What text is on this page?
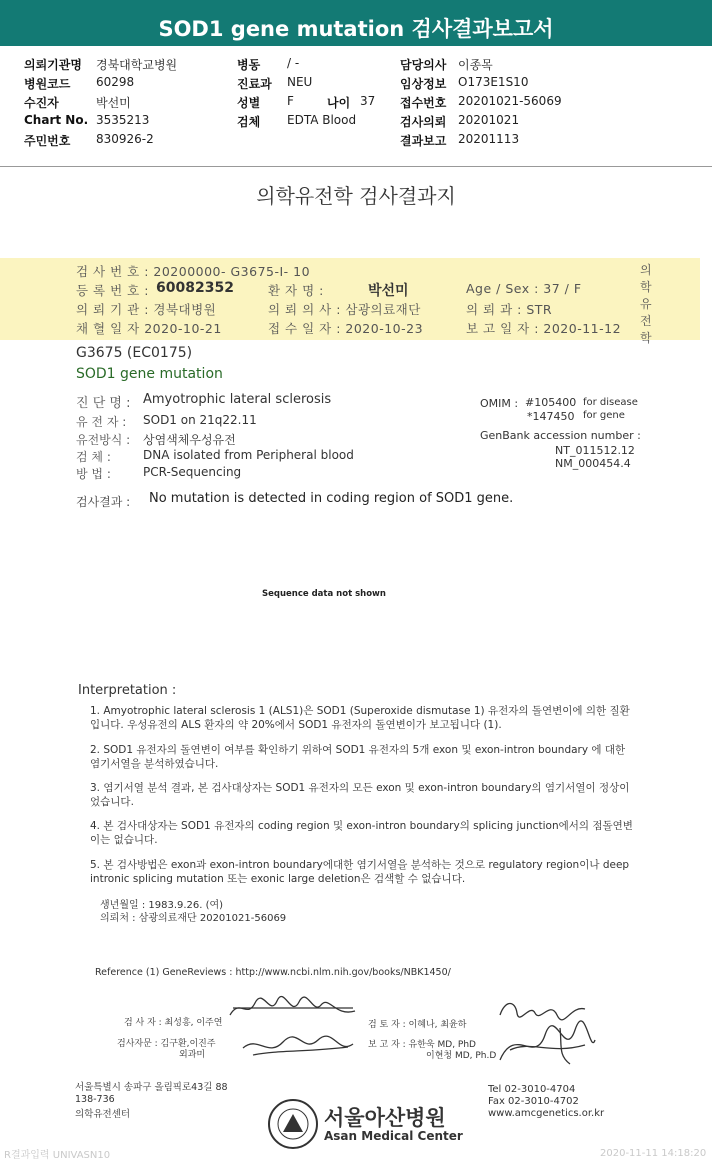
SOD1 gene mutation 검사결과보고서
의뢰기관명 경북대학교병원
병원코드 60298
수진자	박선미
Chart No. 3535213
주민번호 830926-2
병동 / -
진료과 NEU
성별 F	나이 37
검체 EDTA Blood
담당의사 이종목
임상정보 O173E1S10
접수번호 20201021-56069
검사의뢰 20201021
결과보고 20201113
의학유전학 검사결과지
의학유전학
검 사 번 호 : 20200000- G3675-I- 10
등 록 번 호 : 60082352	환 자 명 :	박선미	Age / Sex : 37 / F
의 뢰 기 관 : 경북대병원	의 뢰 의 사 : 삼광의료재단	의 뢰 과 : STR
채 혈 일 자 2020-10-21	접 수 일 자 : 2020-10-23	보 고 일 자 : 2020-11-12
G3675 (EC0175)
SOD1 gene mutation
진 단 명 : Amyotrophic lateral sclerosis
유 전 자 : SOD1 on 21q22.11
유전방식 : 상염색체우성유전
검 체 :	DNA isolated from Peripheral blood
방 법 :	PCR-Sequencing
OMIM : #105400 for disease
*147450 for gene
GenBank accession number :
NT_011512.12
NM_000454.4
검사결과 : No mutation is detected in coding region of SOD1 gene.
Sequence data not shown
Interpretation :
1. Amyotrophic lateral sclerosis 1 (ALS1)은 SOD1 (Superoxide dismutase 1) 유전자의 돌연변이에 의한 질환입니다. 우성유전의 ALS 환자의 약 20%에서 SOD1 유전자의 돌연변이가 보고됩니다 (1).
2. SOD1 유전자의 돌연변이 여부를 확인하기 위하여 SOD1 유전자의 5개 exon 및 exon-intron boundary 에 대한 염기서열을 분석하였습니다.
3. 염기서열 분석 결과, 본 검사대상자는 SOD1 유전자의 모든 exon 및 exon-intron boundary의 염기서열이 정상이었습니다.
4. 본 검사대상자는 SOD1 유전자의 coding region 및 exon-intron boundary의 splicing junction에서의 점돌연변이는 없습니다.
5. 본 검사방법은 exon과 exon-intron boundary에대한 염기서열을 분석하는 것으로 regulatory region이나 deep intronic splicing mutation 또는 exonic large deletion은 검색할 수 없습니다.
생년월일 : 1983.9.26. (여)
의뢰처 : 삼광의료재단 20201021-56069
Reference (1) GeneReviews : http://www.ncbi.nlm.nih.gov/books/NBK1450/
검 사 자 : 최성흥, 이주연	검 토 자 : 이혜나, 최윤하
검사자문 : 김구환,이진주
외과미
보 고 자 : 유한욱 MD, PhD
이현청 MD, Ph.D
서울특별시 송파구 올림픽로43길 88
138-736
의학유전센터	서울아산병원
Asan Medical Center
Tel 02-3010-4704
Fax 02-3010-4702
www.amcgenetics.or.kr
R결과입력 UNIVASN10	2020-11-11 14:18:20
